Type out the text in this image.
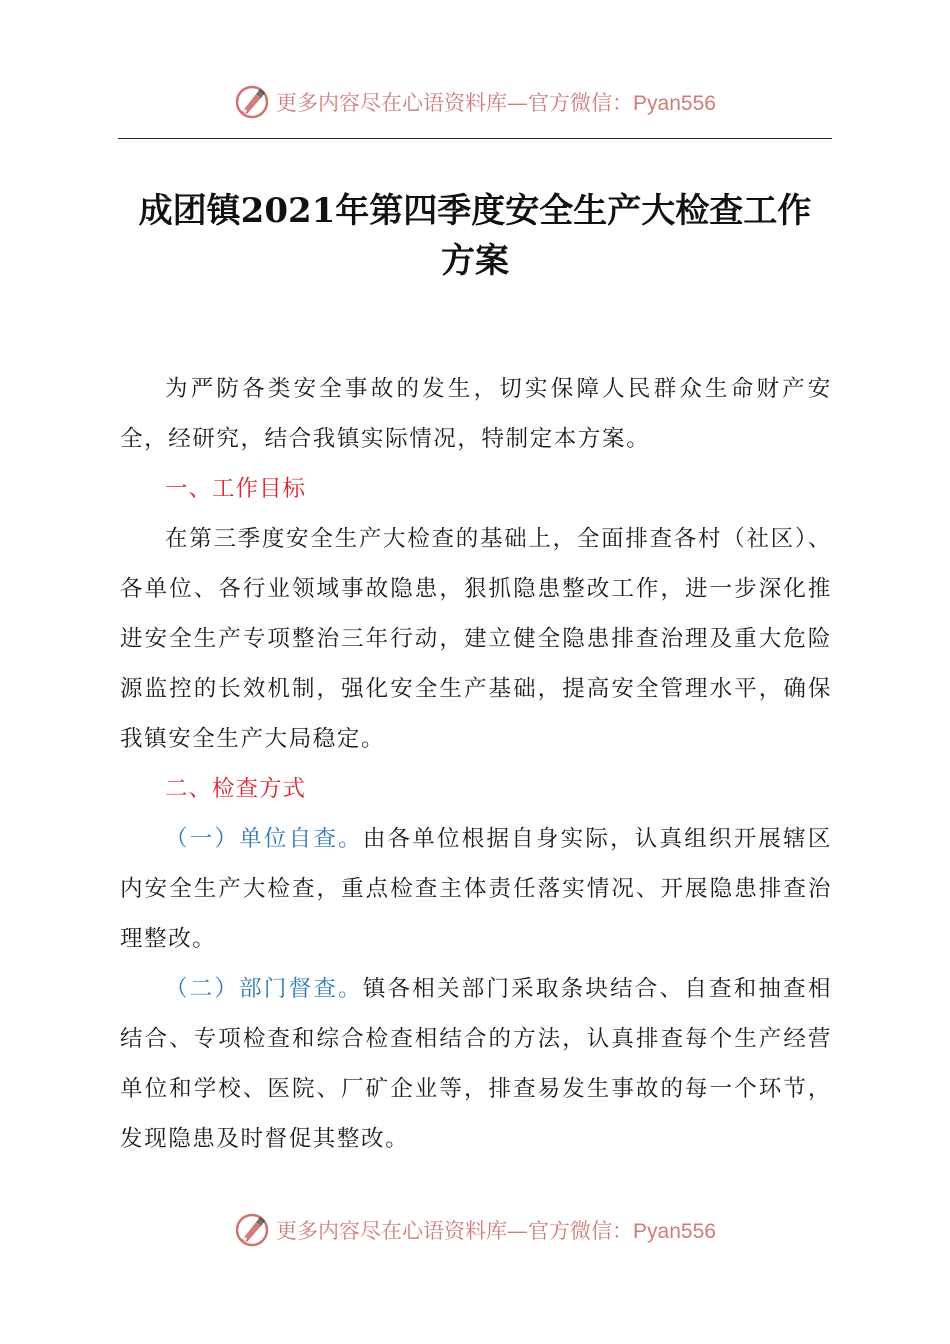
更多内容尽在心语资料库—官方微信：Pyan556
成团镇2021年第四季度安全生产大检查工作
方案

为严防各类安全事故的发生，切实保障人民群众生命财产安全，经研究，结合我镇实际情况，特制定本方案。

一、工作目标

在第三季度安全生产大检查的基础上，全面排查各村（社区）、各单位、各行业领域事故隐患，狠抓隐患整改工作，进一步深化推进安全生产专项整治三年行动，建立健全隐患排查治理及重大危险源监控的长效机制，强化安全生产基础，提高安全管理水平，确保我镇安全生产大局稳定。

二、检查方式

（一）单位自查。由各单位根据自身实际，认真组织开展辖区内安全生产大检查，重点检查主体责任落实情况、开展隐患排查治理整改。

（二）部门督查。镇各相关部门采取条块结合、自查和抽查相结合、专项检查和综合检查相结合的方法，认真排查每个生产经营单位和学校、医院、厂矿企业等，排查易发生事故的每一个环节，发现隐患及时督促其整改。

更多内容尽在心语资料库—官方微信：Pyan556
